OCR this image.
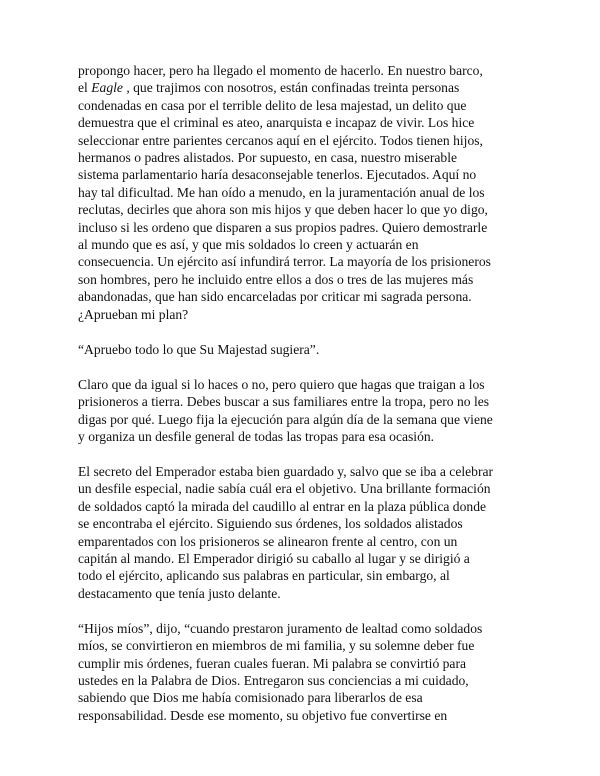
propongo hacer, pero ha llegado el momento de hacerlo. En nuestro barco,
el Eagle , que trajimos con nosotros, están confinadas treinta personas
condenadas en casa por el terrible delito de lesa majestad, un delito que
demuestra que el criminal es ateo, anarquista e incapaz de vivir. Los hice
seleccionar entre parientes cercanos aquí en el ejército. Todos tienen hijos,
hermanos o padres alistados. Por supuesto, en casa, nuestro miserable
sistema parlamentario haría desaconsejable tenerlos. Ejecutados. Aquí no
hay tal dificultad. Me han oído a menudo, en la juramentación anual de los
reclutas, decirles que ahora son mis hijos y que deben hacer lo que yo digo,
incluso si les ordeno que disparen a sus propios padres. Quiero demostrarle
al mundo que es así, y que mis soldados lo creen y actuarán en
consecuencia. Un ejército así infundirá terror. La mayoría de los prisioneros
son hombres, pero he incluido entre ellos a dos o tres de las mujeres más
abandonadas, que han sido encarceladas por criticar mi sagrada persona.
¿Aprueban mi plan?

“Apruebo todo lo que Su Majestad sugiera”.

Claro que da igual si lo haces o no, pero quiero que hagas que traigan a los
prisioneros a tierra. Debes buscar a sus familiares entre la tropa, pero no les
digas por qué. Luego fija la ejecución para algún día de la semana que viene
y organiza un desfile general de todas las tropas para esa ocasión.

El secreto del Emperador estaba bien guardado y, salvo que se iba a celebrar
un desfile especial, nadie sabía cuál era el objetivo. Una brillante formación
de soldados captó la mirada del caudillo al entrar en la plaza pública donde
se encontraba el ejército. Siguiendo sus órdenes, los soldados alistados
emparentados con los prisioneros se alinearon frente al centro, con un
capitán al mando. El Emperador dirigió su caballo al lugar y se dirigió a
todo el ejército, aplicando sus palabras en particular, sin embargo, al
destacamento que tenía justo delante.

“Hijos míos”, dijo, “cuando prestaron juramento de lealtad como soldados
míos, se convirtieron en miembros de mi familia, y su solemne deber fue
cumplir mis órdenes, fueran cuales fueran. Mi palabra se convirtió para
ustedes en la Palabra de Dios. Entregaron sus conciencias a mi cuidado,
sabiendo que Dios me había comisionado para liberarlos de esa
responsabilidad. Desde ese momento, su objetivo fue convertirse en
